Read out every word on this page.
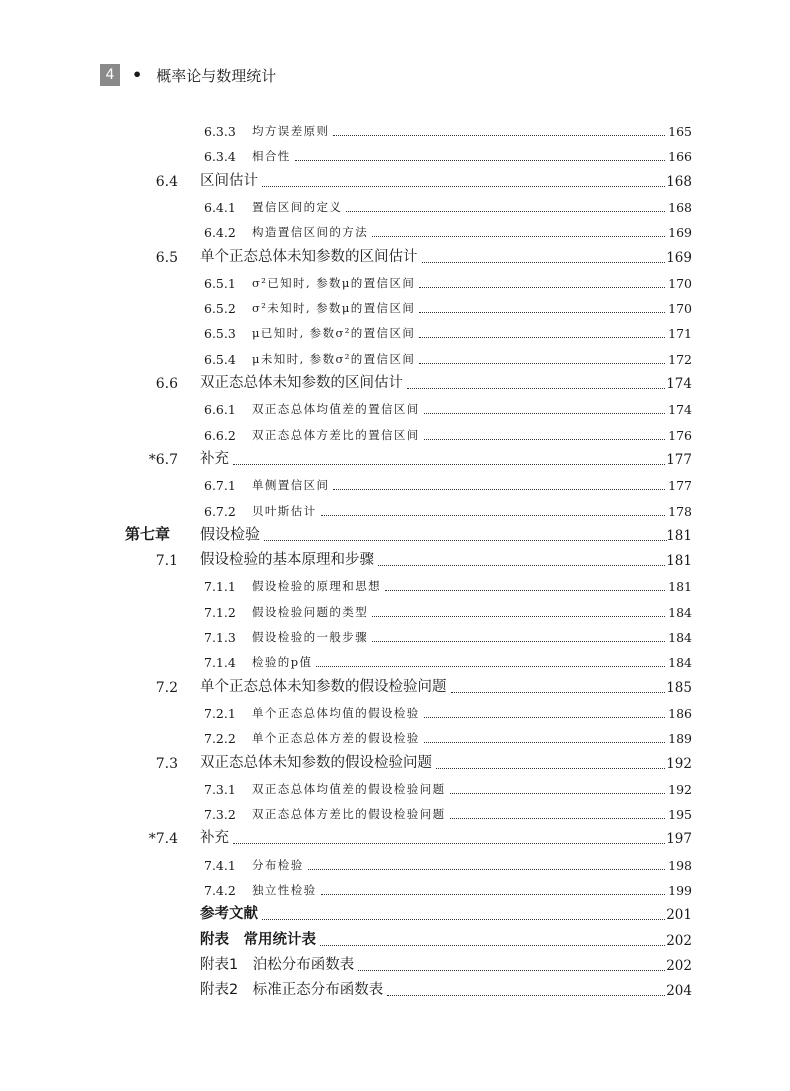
4	• 概率论与数理统计
6.3.3 均方误差原则	165
6.3.4 相合性	166
6.4 区间估计	168
6.4.1 置信区间的定义	168
6.4.2 构造置信区间的方法	169
6.5 单个正态总体未知参数的区间估计	169
6.5.1 σ²已知时, 参数μ的置信区间	170
6.5.2 σ²未知时, 参数μ的置信区间	170
6.5.3 μ已知时, 参数σ²的置信区间	171
6.5.4 μ未知时, 参数σ²的置信区间	172
6.6 双正态总体未知参数的区间估计	174
6.6.1 双正态总体均值差的置信区间	174
6.6.2 双正态总体方差比的置信区间	176
*6.7 补充	177
6.7.1 单侧置信区间	177
6.7.2 贝叶斯估计	178
第七章 假设检验	181
7.1 假设检验的基本原理和步骤	181
7.1.1 假设检验的原理和思想	181
7.1.2 假设检验问题的类型	184
7.1.3 假设检验的一般步骤	184
7.1.4 检验的p值	184
7.2 单个正态总体未知参数的假设检验问题	185
7.2.1 单个正态总体均值的假设检验	186
7.2.2 单个正态总体方差的假设检验	189
7.3 双正态总体未知参数的假设检验问题	192
7.3.1 双正态总体均值差的假设检验问题	192
7.3.2 双正态总体方差比的假设检验问题	195
*7.4 补充	197
7.4.1 分布检验	198
7.4.2 独立性检验	199
参考文献	201
附表　常用统计表	202
附表1　泊松分布函数表	202
附表2　标准正态分布函数表	204
